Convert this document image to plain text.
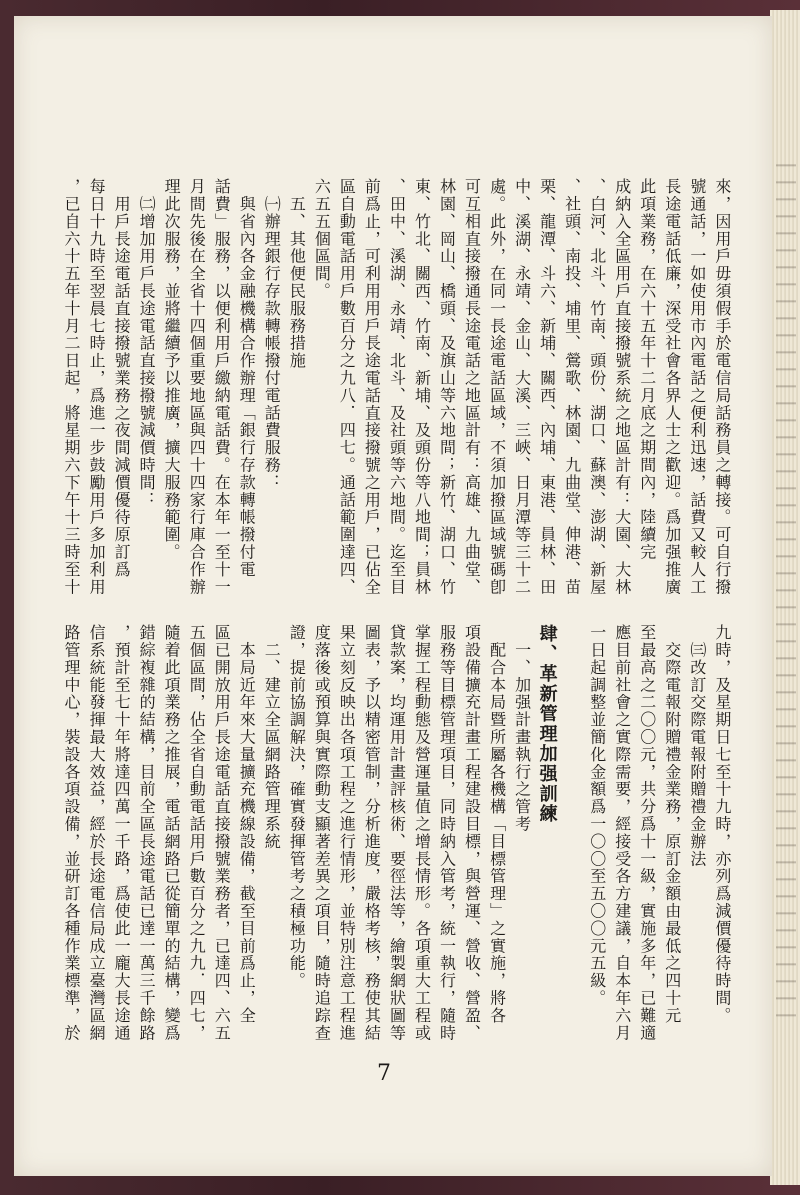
來，因用戶毋須假手於電信局話務員之轉接。可自行撥
號通話，一如使用市內電話之便利迅速，話費又較人工
長途電話低廉，深受社會各界人士之歡迎。爲加强推廣
此項業務，在六十五年十二月底之期間內，陸續完
成納入全區用戶直接撥號系統之地區計有：大園、大林
、白河、北斗、竹南、頭份、湖口、蘇澳、澎湖、新屋
、社頭、南投、埔里、鶯歌、林園、九曲堂、伸港、苗
栗、龍潭、斗六、新埔、關西、內埔、東港、員林、田
中、溪湖、永靖、金山、大溪、三峽、日月潭等三十二
處。此外，在同一長途電話區域，不須加撥區域號碼卽
可互相直接撥通長途電話之地區計有：高雄、九曲堂、
林園、岡山、橋頭、及旗山等六地間；新竹、湖口、竹
東、竹北、關西、竹南、新埔、及頭份等八地間；員林
、田中、溪湖、永靖、北斗、及社頭等六地間。迄至目
前爲止，可利用用戶長途電話直接撥號之用戶，已佔全
區自動電話用戶數百分之九八．四七。通話範圍達四、
六五五個區間。
　五、其他便民服務措施
　㈠辦理銀行存款轉帳撥付電話費服務：
　與省內各金融機構合作辦理「銀行存款轉帳撥付電
話費」服務，以便利用戶繳納電話費。在本年一至十一
月間先後在全省十四個重要地區與四十四家行庫合作辦
理此次服務，並將繼續予以推廣，擴大服務範圍。
　㈡增加用戶長途電話直接撥號減價時間：
　用戶長途電話直接撥號業務之夜間減價優待原訂爲
每日十九時至翌晨七時止，爲進一步鼓勵用戶多加利用
，已自六十五年十月二日起，將星期六下午十三時至十
九時，及星期日七至十九時，亦列爲減價優待時間。
　㈢改訂交際電報附贈禮金辦法
　交際電報附贈禮金業務，原訂金額由最低之四十元
至最高之二〇〇元，共分爲十一級，實施多年，已難適
應目前社會之實際需要，經接受各方建議，自本年六月
一日起調整並簡化金額爲一〇〇至五〇〇元五級。
肆、革新管理加强訓練
　一、加强計畫執行之管考
　配合本局暨所屬各機構「目標管理」之實施，將各
項設備擴充計畫工程建設目標，與營運、營收、營盈、
服務等目標管理項目，同時納入管考，統一執行，隨時
掌握工程動態及營運量值之增長情形。各項重大工程或
貸款案，均運用計畫評核術、要徑法等，繪製網狀圖等
圖表，予以精密管制，分析進度，嚴格考核，務使其結
果立刻反映出各項工程之進行情形，並特別注意工程進
度落後或預算與實際動支顯著差異之項目，隨時追踪查
證，提前協調解決，確實發揮管考之積極功能。
　二、建立全區網路管理系統
　本局近年來大量擴充機線設備，截至目前爲止，全
區已開放用戶長途電話直接撥號業務者，已達四、六五
五個區間，佔全省自動電話用戶數百分之九九．四七，
隨着此項業務之推展，電話網路已從簡單的結構，變爲
錯綜複雜的結構，目前全區長途電話已達一萬三千餘路
，預計至七十年將達四萬一千路，爲使此一龐大長途通
信系統能發揮最大效益，經於長途電信局成立臺灣區網
路管理中心，裝設各項設備，並研訂各種作業標準，於
7
